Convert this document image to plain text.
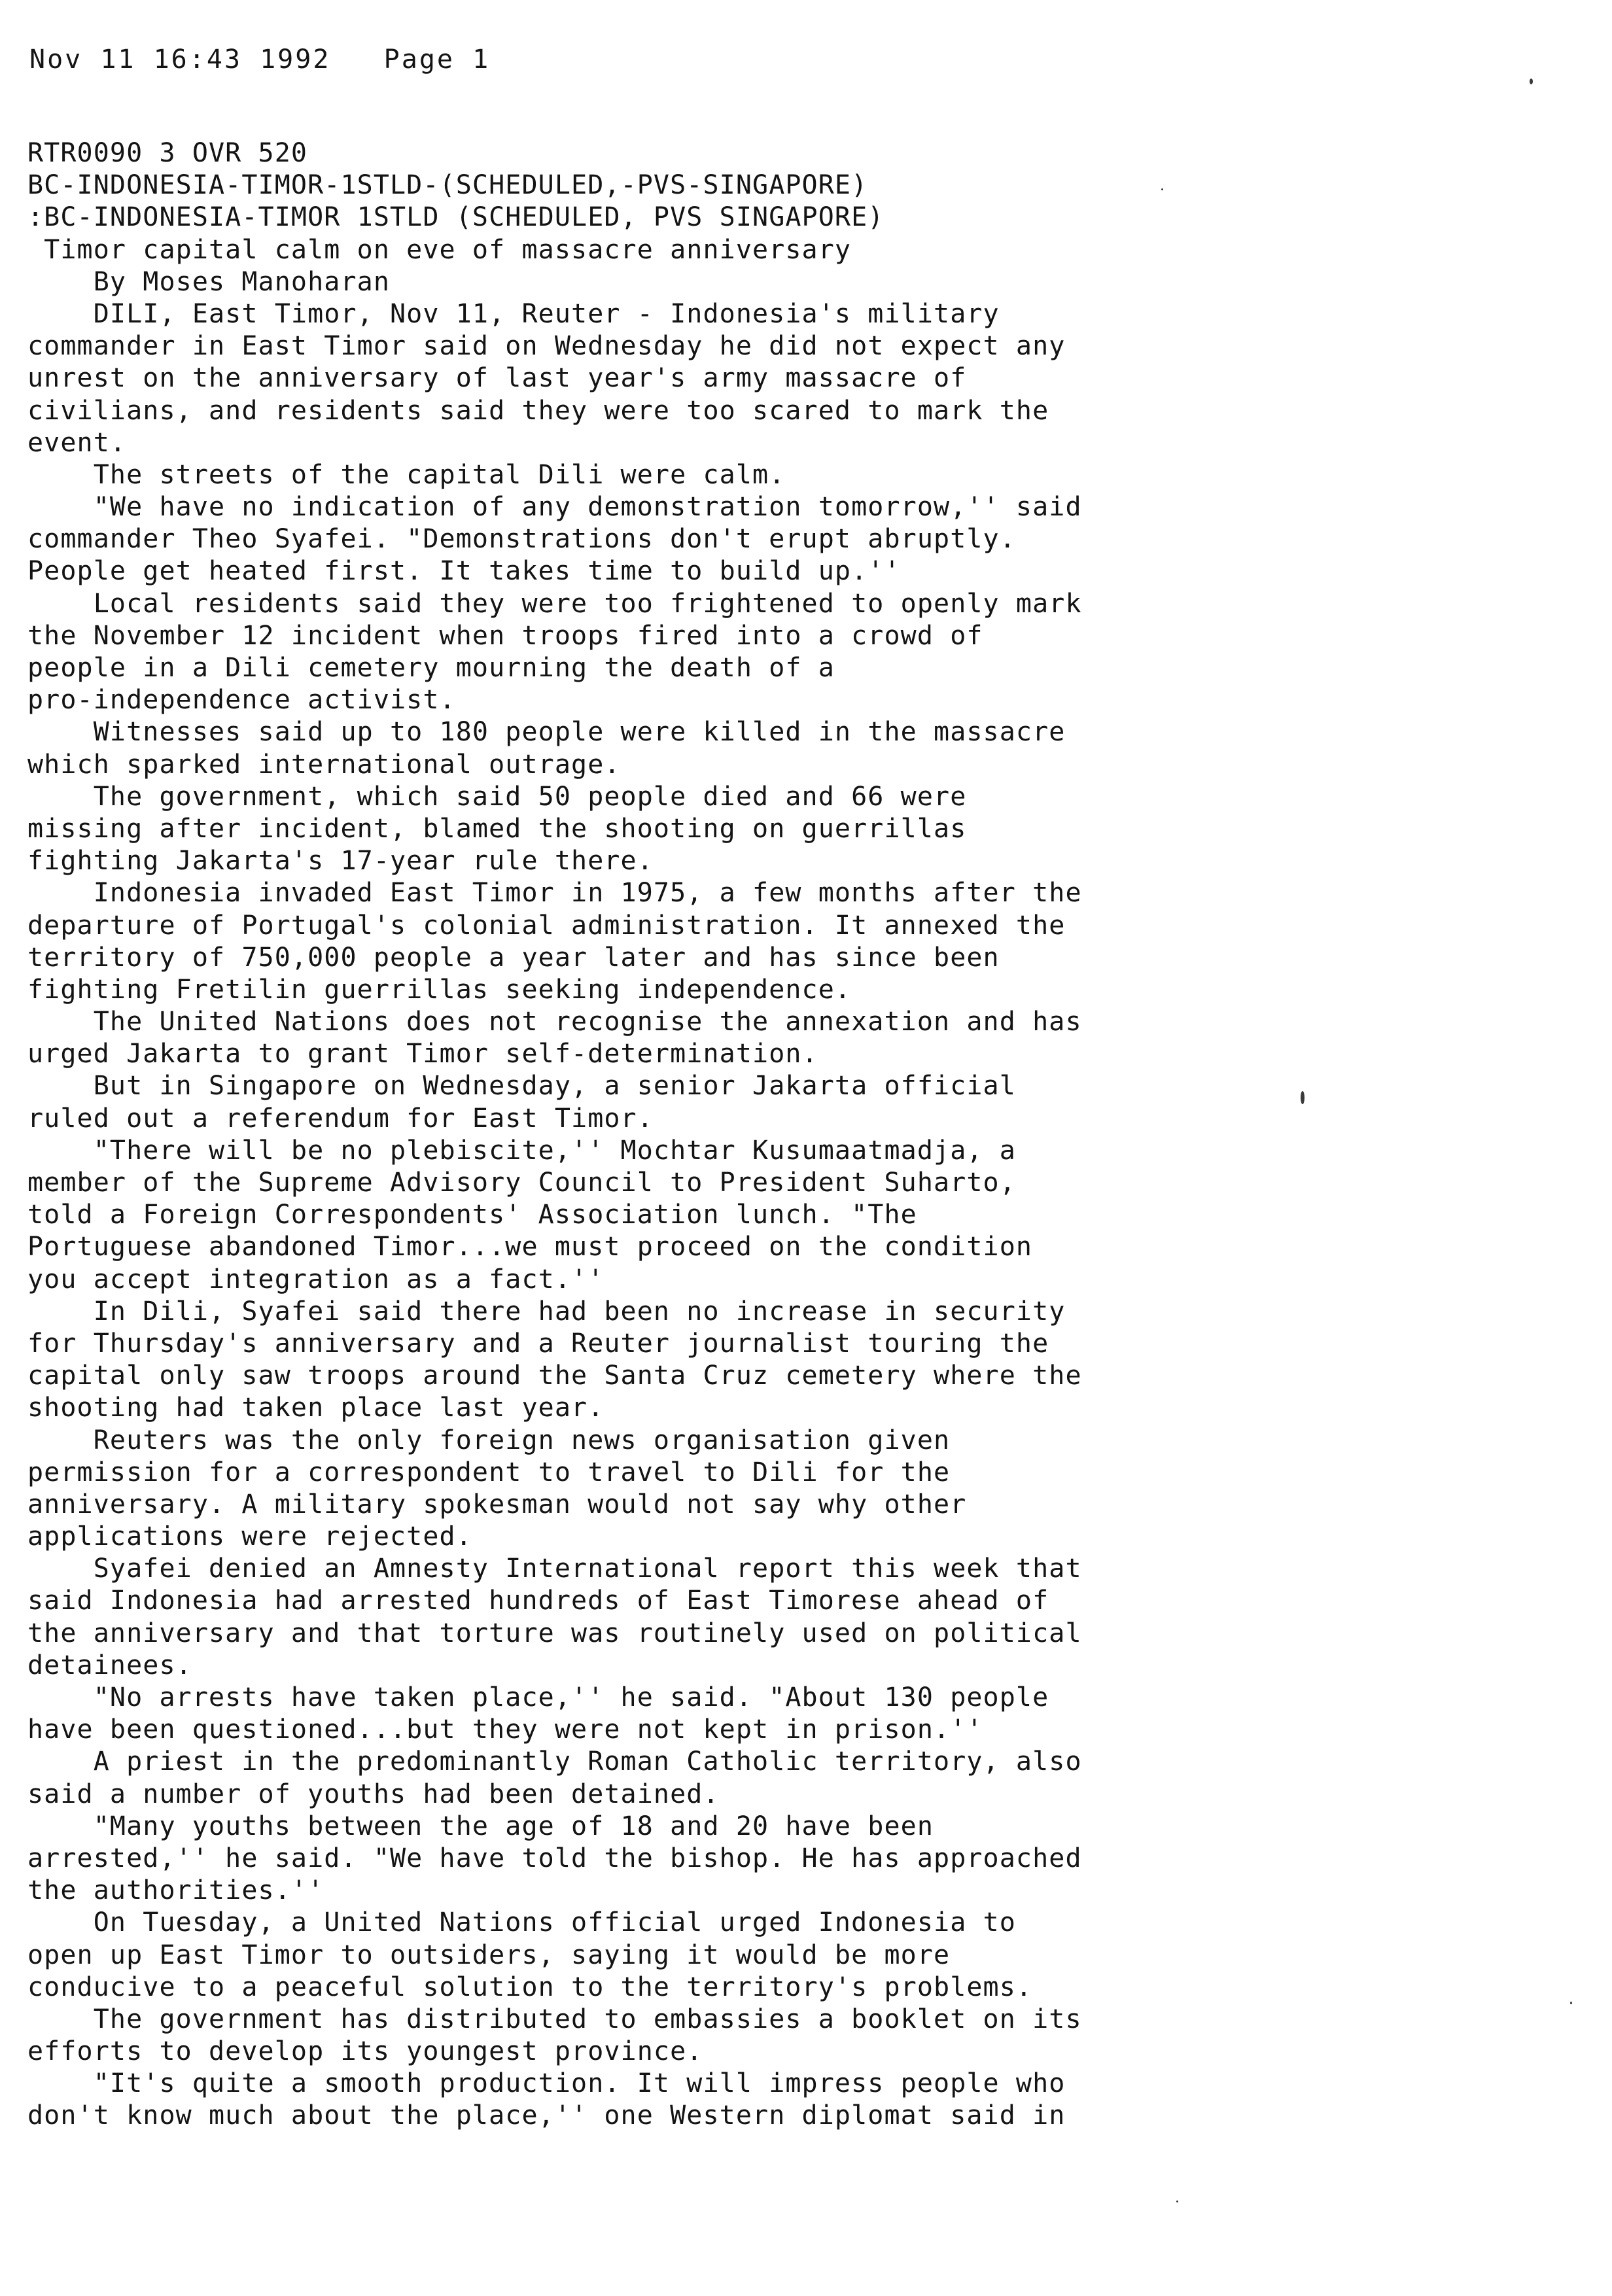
Nov 11 16:43 1992 Page 1
RTR0090 3 OVR 520
BC-INDONESIA-TIMOR-1STLD-(SCHEDULED,-PVS-SINGAPORE)
:BC-INDONESIA-TIMOR 1STLD (SCHEDULED, PVS SINGAPORE)
Timor capital calm on eve of massacre anniversary
By Moses Manoharan
DILI, East Timor, Nov 11, Reuter - Indonesia's military
commander in East Timor said on Wednesday he did not expect any
unrest on the anniversary of last year's army massacre of
civilians, and residents said they were too scared to mark the
event.
The streets of the capital Dili were calm.
"We have no indication of any demonstration tomorrow,'' said
commander Theo Syafei. "Demonstrations don't erupt abruptly.
People get heated first. It takes time to build up.''
Local residents said they were too frightened to openly mark
the November 12 incident when troops fired into a crowd of
people in a Dili cemetery mourning the death of a
pro-independence activist.
Witnesses said up to 180 people were killed in the massacre
which sparked international outrage.
The government, which said 50 people died and 66 were
missing after incident, blamed the shooting on guerrillas
fighting Jakarta's 17-year rule there.
Indonesia invaded East Timor in 1975, a few months after the
departure of Portugal's colonial administration. It annexed the
territory of 750,000 people a year later and has since been
fighting Fretilin guerrillas seeking independence.
The United Nations does not recognise the annexation and has
urged Jakarta to grant Timor self-determination.
But in Singapore on Wednesday, a senior Jakarta official
ruled out a referendum for East Timor.
"There will be no plebiscite,'' Mochtar Kusumaatmadja, a
member of the Supreme Advisory Council to President Suharto,
told a Foreign Correspondents' Association lunch. "The
Portuguese abandoned Timor...we must proceed on the condition
you accept integration as a fact.''
In Dili, Syafei said there had been no increase in security
for Thursday's anniversary and a Reuter journalist touring the
capital only saw troops around the Santa Cruz cemetery where the
shooting had taken place last year.
Reuters was the only foreign news organisation given
permission for a correspondent to travel to Dili for the
anniversary. A military spokesman would not say why other
applications were rejected.
Syafei denied an Amnesty International report this week that
said Indonesia had arrested hundreds of East Timorese ahead of
the anniversary and that torture was routinely used on political
detainees.
"No arrests have taken place,'' he said. "About 130 people
have been questioned...but they were not kept in prison.''
A priest in the predominantly Roman Catholic territory, also
said a number of youths had been detained.
"Many youths between the age of 18 and 20 have been
arrested,'' he said. "We have told the bishop. He has approached
the authorities.''
On Tuesday, a United Nations official urged Indonesia to
open up East Timor to outsiders, saying it would be more
conducive to a peaceful solution to the territory's problems.
The government has distributed to embassies a booklet on its
efforts to develop its youngest province.
"It's quite a smooth production. It will impress people who
don't know much about the place,'' one Western diplomat said in
